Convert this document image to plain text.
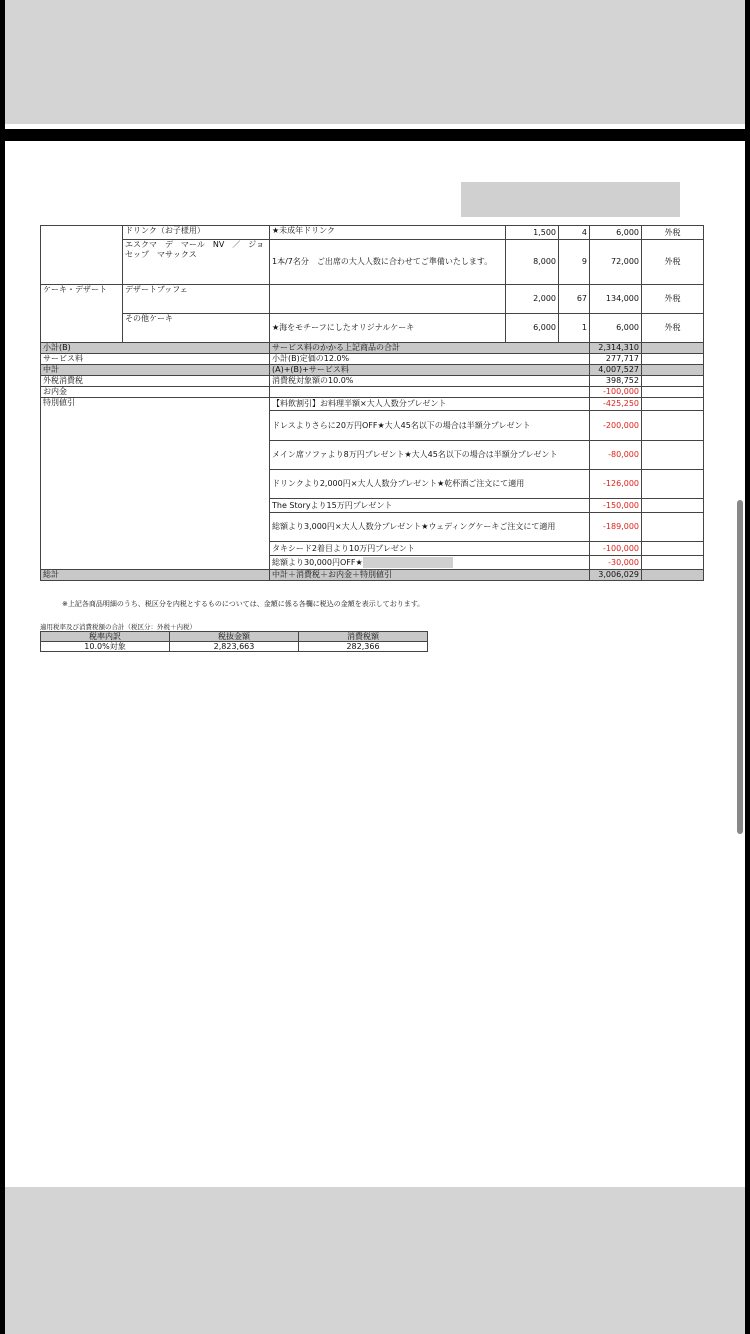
	ドリンク（お子様用）	★未成年ドリンク	1,500	4	6,000	外税
	エスクマ　デ　マール　NV　／　ジョセップ　マサックス	1本/7名分　ご出席の大人人数に合わせてご準備いたします。	8,000	9	72,000	外税
ケーキ・デザート	デザートブッフェ		2,000	67	134,000	外税
	その他ケーキ	★海をモチーフにしたオリジナルケーキ	6,000	1	6,000	外税
小計(B)		サービス料のかかる上記商品の合計			2,314,310	
サービス料		小計(B)定価の12.0%			277,717	
中計		(A)+(B)+サービス料			4,007,527	
外税消費税		消費税対象額の10.0%			398,752	
お内金					-100,000	
特別値引		【料飲割引】お料理半額×大人人数分プレゼント			-425,250	
		ドレスよりさらに20万円OFF★大人45名以下の場合は半額分プレゼント			-200,000	
		メイン席ソファより8万円プレゼント★大人45名以下の場合は半額分プレゼント			-80,000	
		ドリンクより2,000円×大人人数分プレゼント★乾杯酒ご注文にて適用			-126,000	
		The Storyより15万円プレゼント			-150,000	
		総額より3,000円×大人人数分プレゼント★ウェディングケーキご注文にて適用			-189,000	
		タキシード2着目より10万円プレゼント			-100,000	
		総額より30,000円OFF★			-30,000	
総計		中計＋消費税＋お内金＋特別値引			3,006,029	
※上記各商品明細のうち、税区分を内税とするものについては、金額に係る各欄に税込の金額を表示しております。
適用税率及び消費税額の合計（税区分：外税＋内税）
税率内訳	税抜金額	消費税額
10.0%対象	2,823,663	282,366
